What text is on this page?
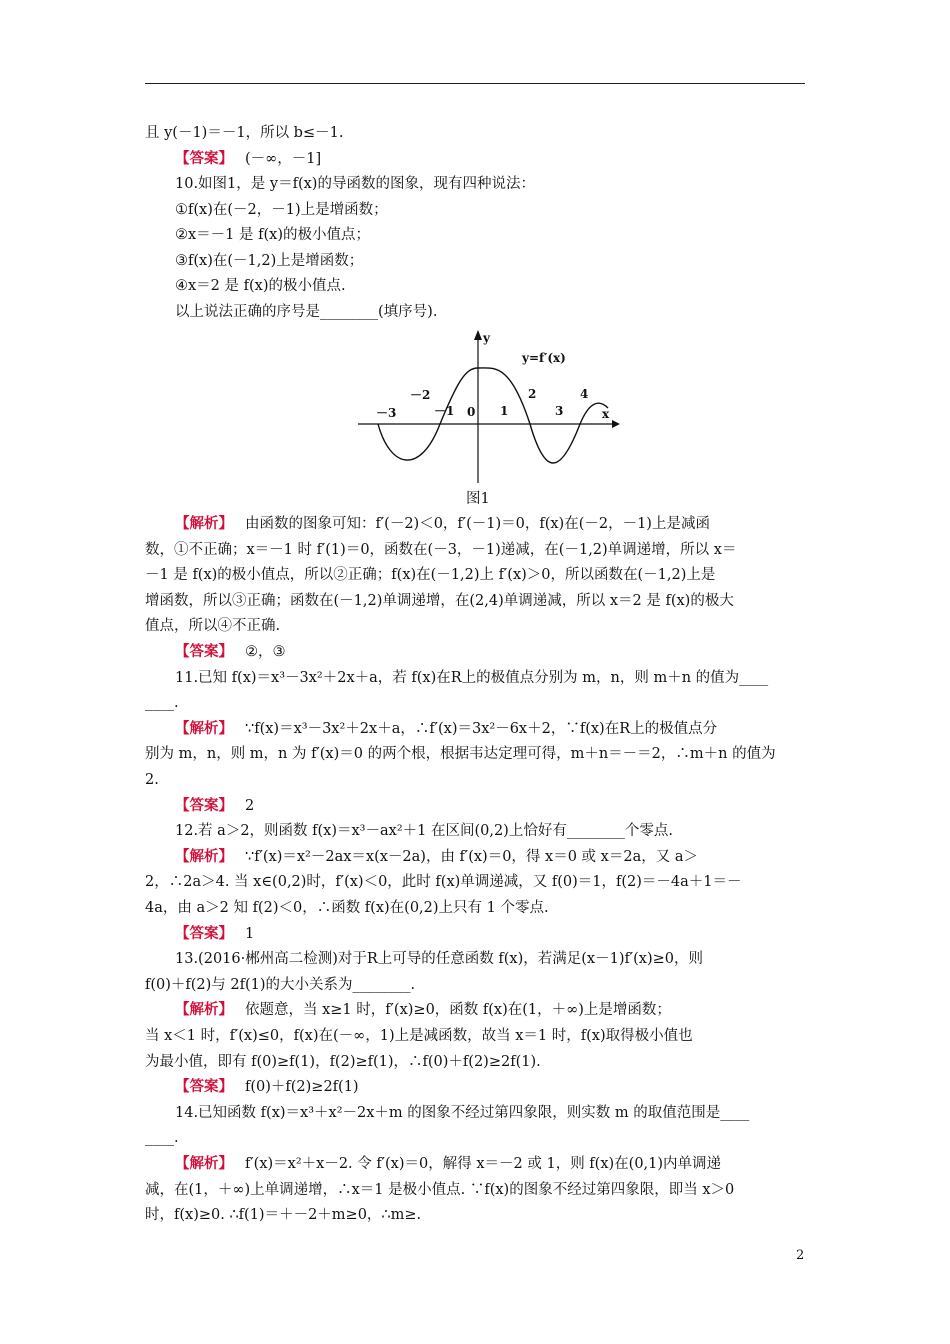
且 y(－1)＝－1，所以 b≤－1.
【答案】 (－∞，－1]
10.如图1，是 y＝f(x)的导函数的图象，现有四种说法：
①f(x)在(－2，－1)上是增函数；
②x＝－1 是 f(x)的极小值点；
③f(x)在(－1,2)上是增函数；
④x＝2 是 f(x)的极小值点.
以上说法正确的序号是________(填序号).
y
x
y=f′(x)
－3
－2
－1 0 1
2
3
4
图1
【解析】 由函数的图象可知：f′(－2)＜0，f′(－1)＝0，f(x)在(－2，－1)上是减函
数，①不正确；x＝－1 时 f′(1)＝0，函数在(－3，－1)递减，在(－1,2)单调递增，所以 x＝
－1 是 f(x)的极小值点，所以②正确；f(x)在(－1,2)上 f′(x)＞0，所以函数在(－1,2)上是
增函数，所以③正确；函数在(－1,2)单调递增，在(2,4)单调递减，所以 x＝2 是 f(x)的极大
值点，所以④不正确.
【答案】 ②，③
11.已知 f(x)＝x³－3x²＋2x＋a，若 f(x)在R上的极值点分别为 m，n，则 m＋n 的值为____
____.
【解析】 ∵f(x)＝x³－3x²＋2x＋a，∴f′(x)＝3x²－6x＋2，∵f(x)在R上的极值点分
别为 m，n，则 m，n 为 f′(x)＝0 的两个根，根据韦达定理可得，m＋n＝－＝2，∴m＋n 的值为
2.
【答案】 2
12.若 a＞2，则函数 f(x)＝x³－ax²＋1 在区间(0,2)上恰好有________个零点.
【解析】 ∵f′(x)＝x²－2ax＝x(x－2a)，由 f′(x)＝0，得 x＝0 或 x＝2a，又 a＞
2，∴2a＞4. 当 x∈(0,2)时，f′(x)＜0，此时 f(x)单调递减，又 f(0)＝1，f(2)＝－4a＋1＝－
4a，由 a＞2 知 f(2)＜0，∴函数 f(x)在(0,2)上只有 1 个零点.
【答案】 1
13.(2016·郴州高二检测)对于R上可导的任意函数 f(x)，若满足(x－1)f′(x)≥0，则
f(0)＋f(2)与 2f(1)的大小关系为________.
【解析】 依题意，当 x≥1 时，f′(x)≥0，函数 f(x)在(1，＋∞)上是增函数；
当 x＜1 时，f′(x)≤0，f(x)在(－∞，1)上是减函数，故当 x＝1 时，f(x)取得极小值也
为最小值，即有 f(0)≥f(1)，f(2)≥f(1)，∴f(0)＋f(2)≥2f(1).
【答案】 f(0)＋f(2)≥2f(1)
14.已知函数 f(x)＝x³＋x²－2x＋m 的图象不经过第四象限，则实数 m 的取值范围是____
____.
【解析】 f′(x)＝x²＋x－2. 令 f′(x)＝0，解得 x＝－2 或 1，则 f(x)在(0,1)内单调递
减，在(1，＋∞)上单调递增，∴x＝1 是极小值点. ∵f(x)的图象不经过第四象限，即当 x＞0
时，f(x)≥0. ∴f(1)＝＋－2＋m≥0，∴m≥.
2
